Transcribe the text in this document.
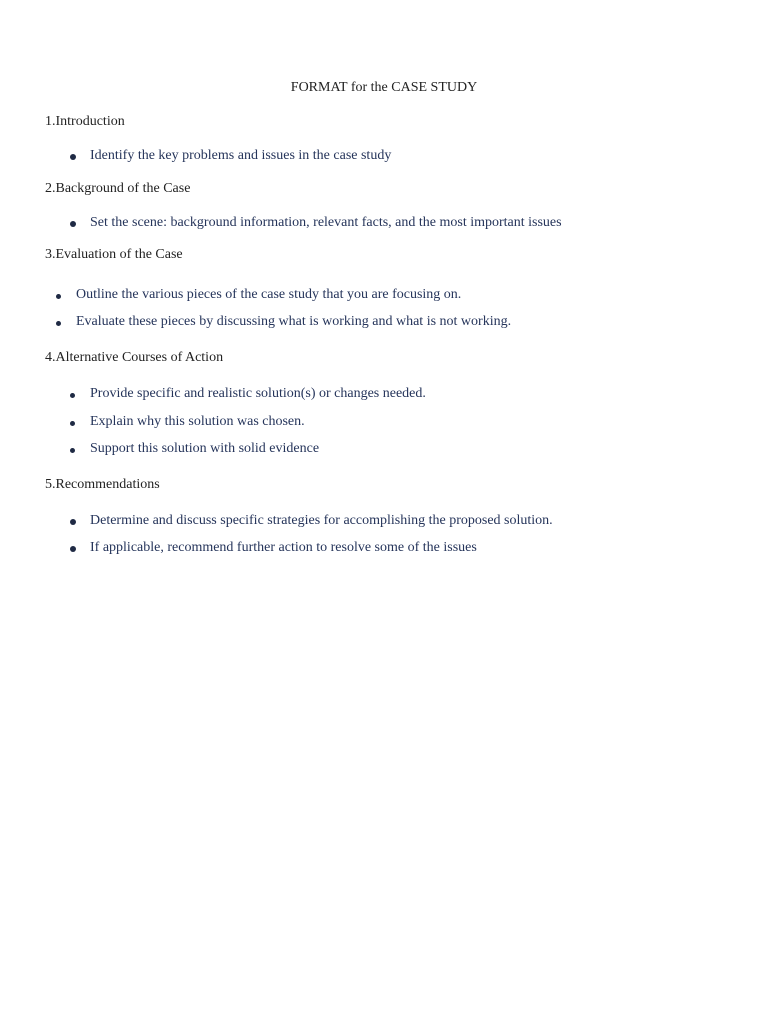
FORMAT for the CASE STUDY
1.Introduction
Identify the key problems and issues in the case study
2.Background of the Case
Set the scene: background information, relevant facts, and the most important issues
3.Evaluation of the Case
Outline the various pieces of the case study that you are focusing on.
Evaluate these pieces by discussing what is working and what is not working.
4.Alternative Courses of Action
Provide specific and realistic solution(s) or changes needed.
Explain why this solution was chosen.
Support this solution with solid evidence
5.Recommendations
Determine and discuss specific strategies for accomplishing the proposed solution.
If applicable, recommend further action to resolve some of the issues
